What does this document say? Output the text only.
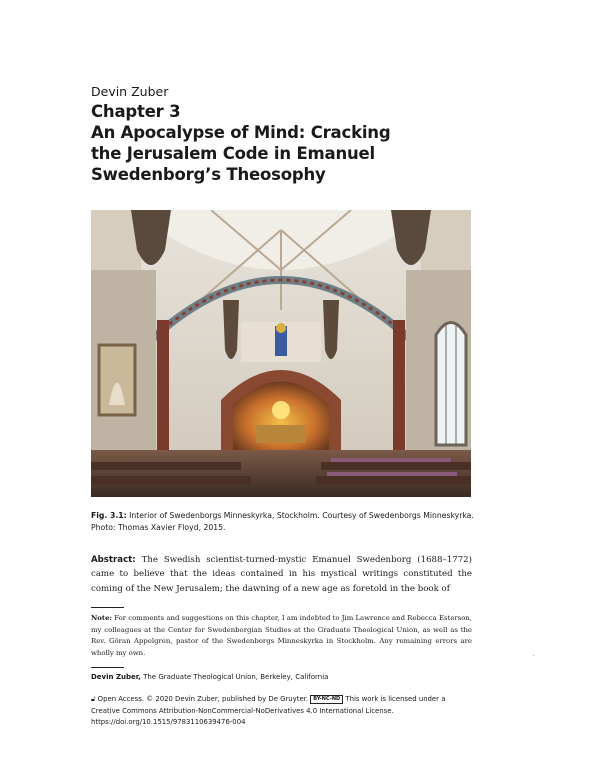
Devin Zuber
Chapter 3
An Apocalypse of Mind: Cracking
the Jerusalem Code in Emanuel
Swedenborg’s Theosophy
Fig. 3.1: Interior of Swedenborgs Minneskyrka, Stockholm. Courtesy of Swedenborgs Minneskyrka. Photo: Thomas Xavier Floyd, 2015.
Abstract: The Swedish scientist-turned-mystic Emanuel Swedenborg (1688–1772) came to believe that the ideas contained in his mystical writings constituted the coming of the New Jerusalem; the dawning of a new age as foretold in the book of
Note: For comments and suggestions on this chapter, I am indebted to Jim Lawrence and Rebecca Esterson, my colleagues at the Center for Swedenborgian Studies at the Graduate Theological Union, as well as the Rev. Göran Appelgren, pastor of the Swedenborgs Minneskyrka in Stockholm. Any remaining errors are wholly my own.
Devin Zuber, The Graduate Theological Union, Berkeley, California
🔓︎ Open Access. © 2020 Devin Zuber, published by De Gruyter. BY-NC-ND This work is licensed under a Creative Commons Attribution-NonCommercial-NoDerivatives 4.0 International License.
https://doi.org/10.1515/9783110639476-004
